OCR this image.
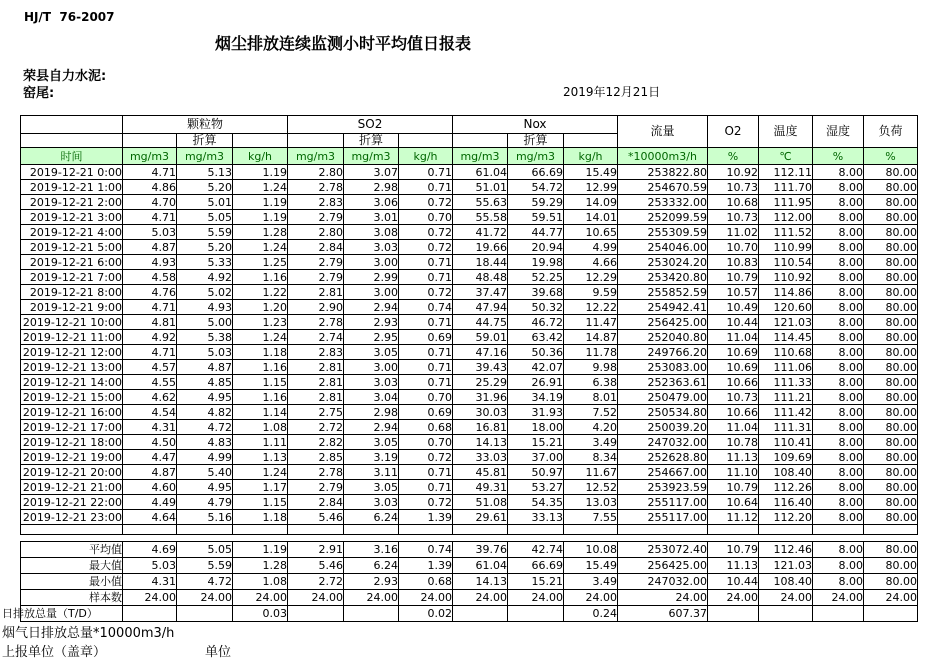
HJ/T  76-2007
烟尘排放连续监测小时平均值日报表
荣县自力水泥:
窑尾:	2019年12月21日
	颗粒物			SO2			Nox			流量	O2	温度	湿度	负荷
		折算			折算			折算						
时间	mg/m3	mg/m3	kg/h	mg/m3	mg/m3	kg/h	mg/m3	mg/m3	kg/h	*10000m3/h	%	℃	%	%
2019-12-21 0:00	4.71	5.13	1.19	2.80	3.07	0.71	61.04	66.69	15.49	253822.80	10.92	112.11	8.00	80.00
2019-12-21 1:00	4.86	5.20	1.24	2.78	2.98	0.71	51.01	54.72	12.99	254670.59	10.73	111.70	8.00	80.00
2019-12-21 2:00	4.70	5.01	1.19	2.83	3.06	0.72	55.63	59.29	14.09	253332.00	10.68	111.95	8.00	80.00
2019-12-21 3:00	4.71	5.05	1.19	2.79	3.01	0.70	55.58	59.51	14.01	252099.59	10.73	112.00	8.00	80.00
2019-12-21 4:00	5.03	5.59	1.28	2.80	3.08	0.72	41.72	44.77	10.65	255309.59	11.02	111.52	8.00	80.00
2019-12-21 5:00	4.87	5.20	1.24	2.84	3.03	0.72	19.66	20.94	4.99	254046.00	10.70	110.99	8.00	80.00
2019-12-21 6:00	4.93	5.33	1.25	2.79	3.00	0.71	18.44	19.98	4.66	253024.20	10.83	110.54	8.00	80.00
2019-12-21 7:00	4.58	4.92	1.16	2.79	2.99	0.71	48.48	52.25	12.29	253420.80	10.79	110.92	8.00	80.00
2019-12-21 8:00	4.76	5.02	1.22	2.81	3.00	0.72	37.47	39.68	9.59	255852.59	10.57	114.86	8.00	80.00
2019-12-21 9:00	4.71	4.93	1.20	2.90	2.94	0.74	47.94	50.32	12.22	254942.41	10.49	120.60	8.00	80.00
2019-12-21 10:00	4.81	5.00	1.23	2.78	2.93	0.71	44.75	46.72	11.47	256425.00	10.44	121.03	8.00	80.00
2019-12-21 11:00	4.92	5.38	1.24	2.74	2.95	0.69	59.01	63.42	14.87	252040.80	11.04	114.45	8.00	80.00
2019-12-21 12:00	4.71	5.03	1.18	2.83	3.05	0.71	47.16	50.36	11.78	249766.20	10.69	110.68	8.00	80.00
2019-12-21 13:00	4.57	4.87	1.16	2.81	3.00	0.71	39.43	42.07	9.98	253083.00	10.69	111.06	8.00	80.00
2019-12-21 14:00	4.55	4.85	1.15	2.81	3.03	0.71	25.29	26.91	6.38	252363.61	10.66	111.33	8.00	80.00
2019-12-21 15:00	4.62	4.95	1.16	2.81	3.04	0.70	31.96	34.19	8.01	250479.00	10.73	111.21	8.00	80.00
2019-12-21 16:00	4.54	4.82	1.14	2.75	2.98	0.69	30.03	31.93	7.52	250534.80	10.66	111.42	8.00	80.00
2019-12-21 17:00	4.31	4.72	1.08	2.72	2.94	0.68	16.81	18.00	4.20	250039.20	11.04	111.31	8.00	80.00
2019-12-21 18:00	4.50	4.83	1.11	2.82	3.05	0.70	14.13	15.21	3.49	247032.00	10.78	110.41	8.00	80.00
2019-12-21 19:00	4.47	4.99	1.13	2.85	3.19	0.72	33.03	37.00	8.34	252628.80	11.13	109.69	8.00	80.00
2019-12-21 20:00	4.87	5.40	1.24	2.78	3.11	0.71	45.81	50.97	11.67	254667.00	11.10	108.40	8.00	80.00
2019-12-21 21:00	4.60	4.95	1.17	2.79	3.05	0.71	49.31	53.27	12.52	253923.59	10.79	112.26	8.00	80.00
2019-12-21 22:00	4.49	4.79	1.15	2.84	3.03	0.72	51.08	54.35	13.03	255117.00	10.64	116.40	8.00	80.00
2019-12-21 23:00	4.64	5.16	1.18	5.46	6.24	1.39	29.61	33.13	7.55	255117.00	11.12	112.20	8.00	80.00

平均值	4.69	5.05	1.19	2.91	3.16	0.74	39.76	42.74	10.08	253072.40	10.79	112.46	8.00	80.00
最大值	5.03	5.59	1.28	5.46	6.24	1.39	61.04	66.69	15.49	256425.00	11.13	121.03	8.00	80.00
最小值	4.31	4.72	1.08	2.72	2.93	0.68	14.13	15.21	3.49	247032.00	10.44	108.40	8.00	80.00
样本数	24.00	24.00	24.00	24.00	24.00	24.00	24.00	24.00	24.00	24.00	24.00	24.00	24.00	24.00
日排放总量（T/D）			0.03			0.02			0.24	607.37				
烟气日排放总量*10000m3/h
上报单位（盖章）	单位
